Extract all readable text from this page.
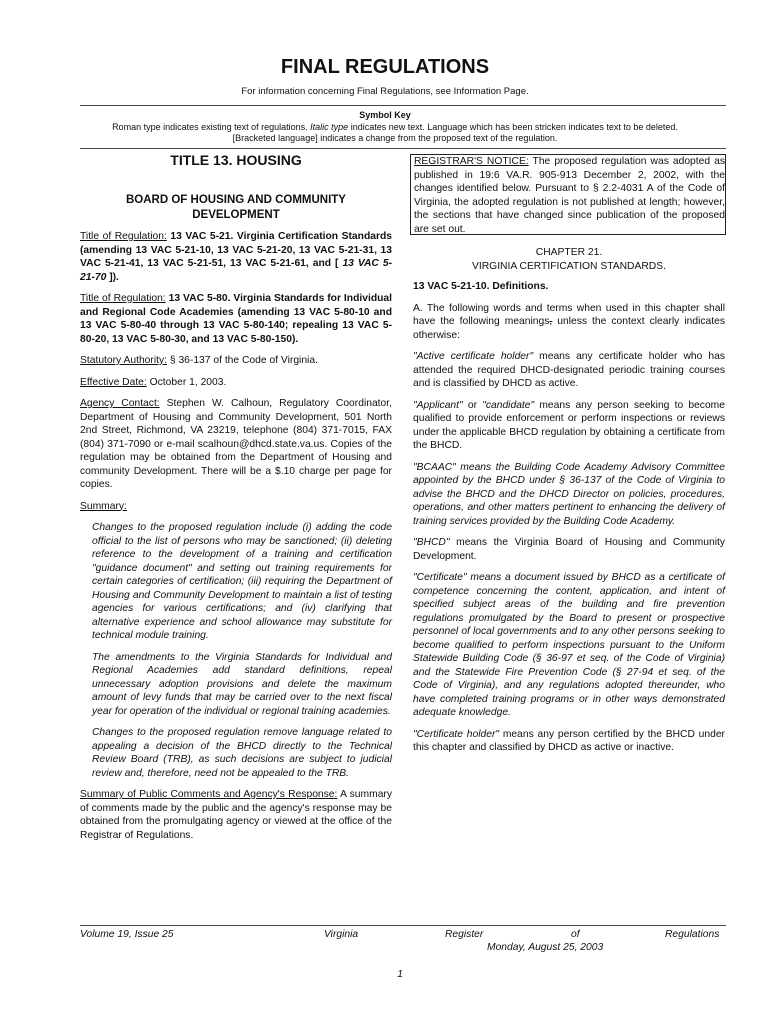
FINAL REGULATIONS
For information concerning Final Regulations, see Information Page.
Symbol Key
Roman type indicates existing text of regulations. Italic type indicates new text. Language which has been stricken indicates text to be deleted. [Bracketed language] indicates a change from the proposed text of the regulation.
TITLE 13. HOUSING
BOARD OF HOUSING AND COMMUNITY DEVELOPMENT

Title of Regulation: 13 VAC 5-21. Virginia Certification Standards (amending 13 VAC 5-21-10, 13 VAC 5-21-20, 13 VAC 5-21-31, 13 VAC 5-21-41, 13 VAC 5-21-51, 13 VAC 5-21-61, and [ 13 VAC 5-21-70 ]).

Title of Regulation: 13 VAC 5-80. Virginia Standards for Individual and Regional Code Academies (amending 13 VAC 5-80-10 and 13 VAC 5-80-40 through 13 VAC 5-80-140; repealing 13 VAC 5-80-20, 13 VAC 5-80-30, and 13 VAC 5-80-150).

Statutory Authority: § 36-137 of the Code of Virginia.

Effective Date: October 1, 2003.

Agency Contact: Stephen W. Calhoun, Regulatory Coordinator, Department of Housing and Community Development, 501 North 2nd Street, Richmond, VA 23219, telephone (804) 371-7015, FAX (804) 371-7090 or e-mail scalhoun@dhcd.state.va.us. Copies of the regulation may be obtained from the Department of Housing and community Development. There will be a $.10 charge per page for copies.

Summary:

Changes to the proposed regulation include (i) adding the code official to the list of persons who may be sanctioned; (ii) deleting reference to the development of a training and certification "guidance document" and setting out training requirements for certain categories of certification; (iii) requiring the Department of Housing and Community Development to maintain a list of testing agencies for various certifications; and (iv) clarifying that alternative experience and school allowance may substitute for technical module training.

The amendments to the Virginia Standards for Individual and Regional Academies add standard definitions, repeal unnecessary adoption provisions and delete the maximum amount of levy funds that may be carried over to the next fiscal year for operation of the individual or regional training academies.

Changes to the proposed regulation remove language related to appealing a decision of the BHCD directly to the Technical Review Board (TRB), as such decisions are subject to judicial review and, therefore, need not be appealed to the TRB.

Summary of Public Comments and Agency's Response: A summary of comments made by the public and the agency's response may be obtained from the promulgating agency or viewed at the office of the Registrar of Regulations.

REGISTRAR'S NOTICE: The proposed regulation was adopted as published in 19:6 VA.R. 905-913 December 2, 2002, with the changes identified below. Pursuant to § 2.2-4031 A of the Code of Virginia, the adopted regulation is not published at length; however, the sections that have changed since publication of the proposed are set out.
CHAPTER 21.
VIRGINIA CERTIFICATION STANDARDS.

13 VAC 5-21-10. Definitions.

A. The following words and terms when used in this chapter shall have the following meanings, unless the context clearly indicates otherwise:

"Active certificate holder" means any certificate holder who has attended the required DHCD-designated periodic training courses and is classified by DHCD as active.

"Applicant" or "candidate" means any person seeking to become qualified to provide enforcement or perform inspections or reviews under the applicable BHCD regulation by obtaining a certificate from the BHCD.

"BCAAC" means the Building Code Academy Advisory Committee appointed by the BHCD under § 36-137 of the Code of Virginia to advise the BHCD and the DHCD Director on policies, procedures, operations, and other matters pertinent to enhancing the delivery of training services provided by the Building Code Academy.

"BHCD" means the Virginia Board of Housing and Community Development.

"Certificate" means a document issued by BHCD as a certificate of competence concerning the content, application, and intent of specified subject areas of the building and fire prevention regulations promulgated by the Board to present or prospective personnel of local governments and to any other persons seeking to become qualified to perform inspections pursuant to the Uniform Statewide Building Code (§ 36-97 et seq. of the Code of Virginia) and the Statewide Fire Prevention Code (§ 27-94 et seq. of the Code of Virginia), and any regulations adopted thereunder, who have completed training programs or in other ways demonstrated adequate knowledge.

"Certificate holder" means any person certified by the BHCD under this chapter and classified by DHCD as active or inactive.

Volume 19, Issue 25	Virginia	Register	of	Regulations
Monday, August 25, 2003
1
